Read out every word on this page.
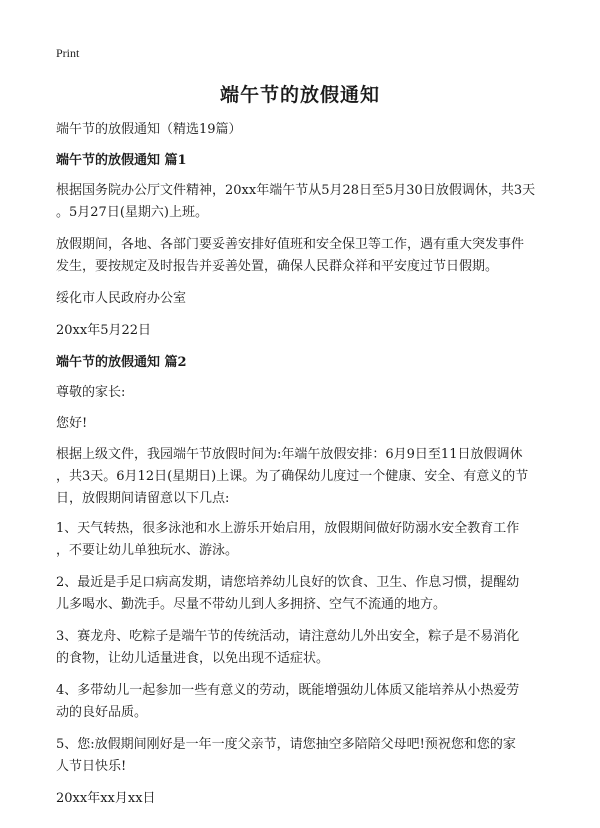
Print
端午节的放假通知
端午节的放假通知（精选19篇）
端午节的放假通知 篇1
根据国务院办公厅文件精神，20xx年端午节从5月28日至5月30日放假调休，共3天
。5月27日(星期六)上班。
放假期间，各地、各部门要妥善安排好值班和安全保卫等工作，遇有重大突发事件
发生，要按规定及时报告并妥善处置，确保人民群众祥和平安度过节日假期。
绥化市人民政府办公室
20xx年5月22日
端午节的放假通知 篇2
尊敬的家长:
您好!
根据上级文件，我园端午节放假时间为:年端午放假安排：6月9日至11日放假调休
，共3天。6月12日(星期日)上课。为了确保幼儿度过一个健康、安全、有意义的节
日，放假期间请留意以下几点:
1、天气转热，很多泳池和水上游乐开始启用，放假期间做好防溺水安全教育工作
，不要让幼儿单独玩水、游泳。
2、最近是手足口病高发期，请您培养幼儿良好的饮食、卫生、作息习惯，提醒幼
儿多喝水、勤洗手。尽量不带幼儿到人多拥挤、空气不流通的地方。
3、赛龙舟、吃粽子是端午节的传统活动，请注意幼儿外出安全，粽子是不易消化
的食物，让幼儿适量进食，以免出现不适症状。
4、多带幼儿一起参加一些有意义的劳动，既能增强幼儿体质又能培养从小热爱劳
动的良好品质。
5、您:放假期间刚好是一年一度父亲节，请您抽空多陪陪父母吧!预祝您和您的家
人节日快乐!
20xx年xx月xx日
